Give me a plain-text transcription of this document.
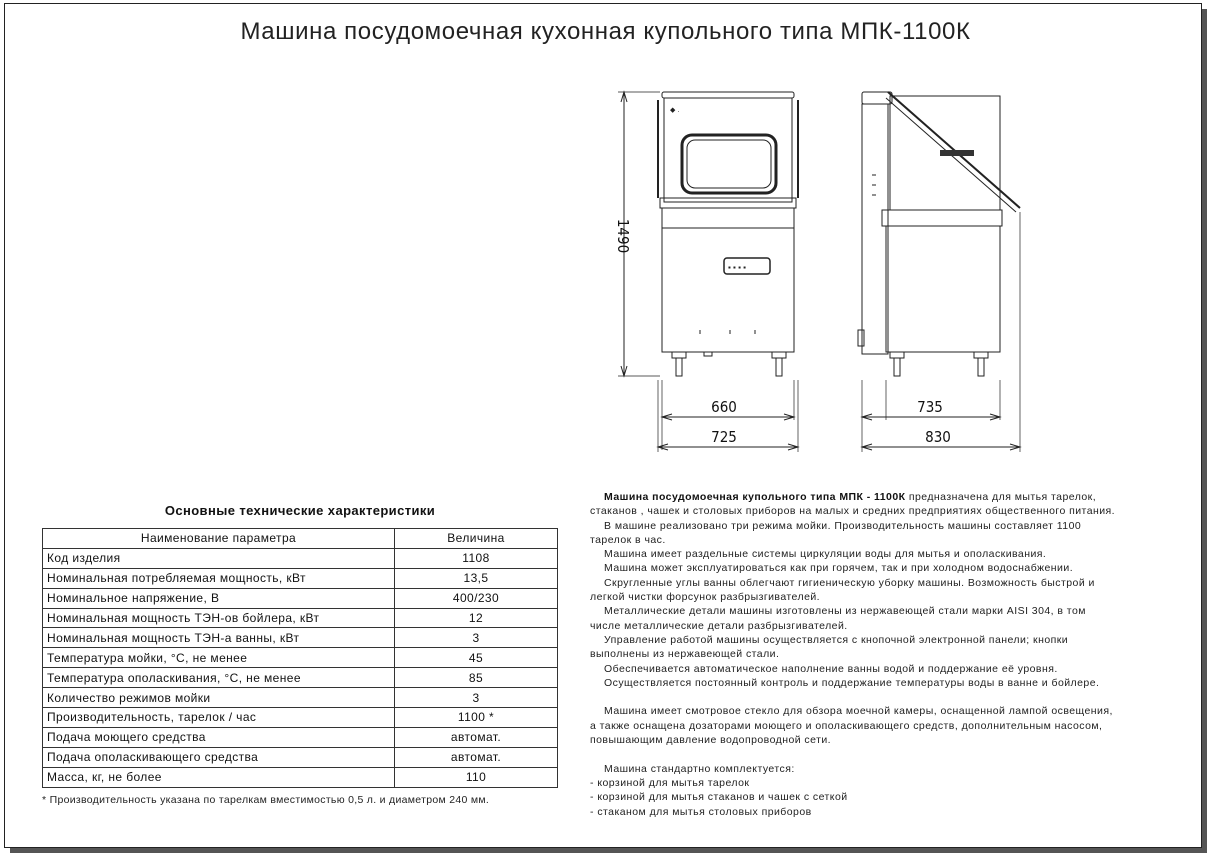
Машина посудомоечная кухонная купольного типа МПК-1100К
1490
◆ .
▪ ▪ ▪ ▪
660
725
735
830
Основные технические характеристики
Наименование параметра	Величина
Код изделия	1108
Номинальная потребляемая мощность, кВт	13,5
Номинальное напряжение, В	400/230
Номинальная мощность ТЭН-ов бойлера, кВт	12
Номинальная мощность ТЭН-а ванны, кВт	3
Температура мойки, °С, не менее	45
Температура ополаскивания, °С, не менее	85
Количество режимов мойки	3
Производительность, тарелок / час	1100 *
Подача моющего средства	автомат.
Подача ополаскивающего средства	автомат.
Масса, кг, не более	110
* Производительность указана по тарелкам вместимостью 0,5 л. и диаметром 240 мм.

Машина посудомоечная купольного типа МПК - 1100К предназначена для мытья тарелок,

стаканов , чашек и столовых приборов на малых и средних предприятиях общественного питания.

В машине реализовано три режима мойки. Производительность машины составляет 1100

тарелок в час.

Машина имеет раздельные системы циркуляции воды для мытья и ополаскивания.

Машина может эксплуатироваться как при горячем, так и при холодном водоснабжении.

Скругленные углы ванны облегчают гигиеническую уборку машины. Возможность быстрой и

легкой чистки форсунок разбрызгивателей.

Металлические детали машины изготовлены из нержавеющей стали марки AISI 304, в том

числе металлические детали разбрызгивателей.

Управление работой машины осуществляется с кнопочной электронной панели; кнопки

выполнены из нержавеющей стали.

Обеспечивается автоматическое наполнение ванны водой и поддержание её уровня.

Осуществляется постоянный контроль и поддержание температуры воды в ванне и бойлере.

Машина имеет смотровое стекло для обзора моечной камеры, оснащенной лампой освещения,

а также оснащена дозаторами моющего и ополаскивающего средств, дополнительным насосом,

повышающим давление водопроводной сети.

Машина стандартно комплектуется:

- корзиной для мытья тарелок

- корзиной для мытья стаканов и чашек с сеткой

- стаканом для мытья столовых приборов
